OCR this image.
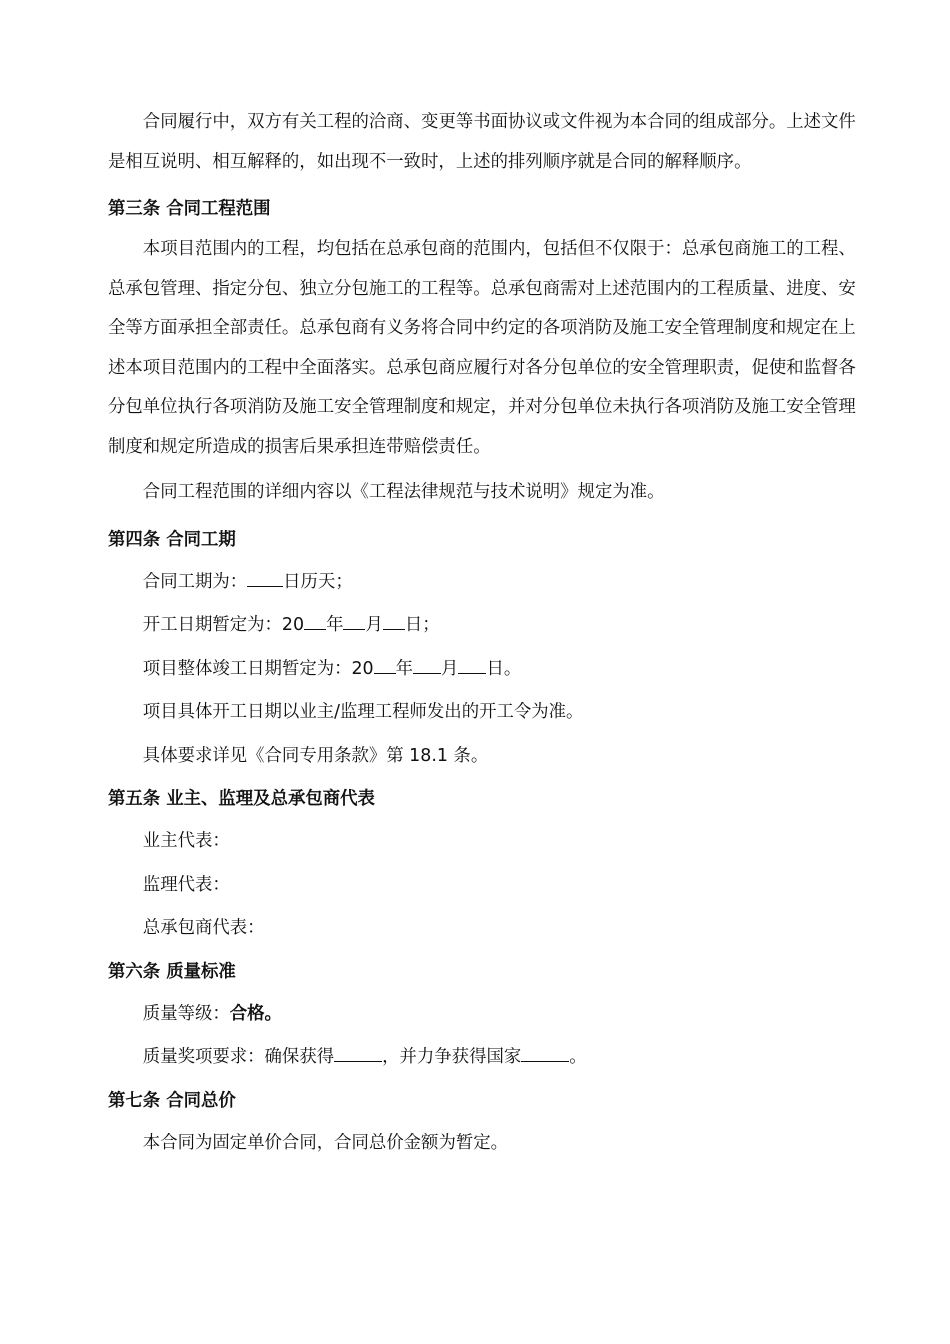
合同履行中，双方有关工程的洽商、变更等书面协议或文件视为本合同的组成部分。上述文件是相互说明、相互解释的，如出现不一致时，上述的排列顺序就是合同的解释顺序。

第三条 合同工程范围

本项目范围内的工程，均包括在总承包商的范围内，包括但不仅限于：总承包商施工的工程、总承包管理、指定分包、独立分包施工的工程等。总承包商需对上述范围内的工程质量、进度、安全等方面承担全部责任。总承包商有义务将合同中约定的各项消防及施工安全管理制度和规定在上述本项目范围内的工程中全面落实。总承包商应履行对各分包单位的安全管理职责，促使和监督各分包单位执行各项消防及施工安全管理制度和规定，并对分包单位未执行各项消防及施工安全管理制度和规定所造成的损害后果承担连带赔偿责任。

合同工程范围的详细内容以《工程法律规范与技术说明》规定为准。

第四条 合同工期

合同工期为： 日历天；

开工日期暂定为：20 年 月 日；

项目整体竣工日期暂定为：20 年 月 日。

项目具体开工日期以业主/监理工程师发出的开工令为准。

具体要求详见《合同专用条款》第 18.1 条。

第五条 业主、监理及总承包商代表

业主代表：

监理代表：

总承包商代表：

第六条 质量标准

质量等级：合格。

质量奖项要求：确保获得	，并力争获得国家	。

第七条 合同总价

本合同为固定单价合同，合同总价金额为暂定。
